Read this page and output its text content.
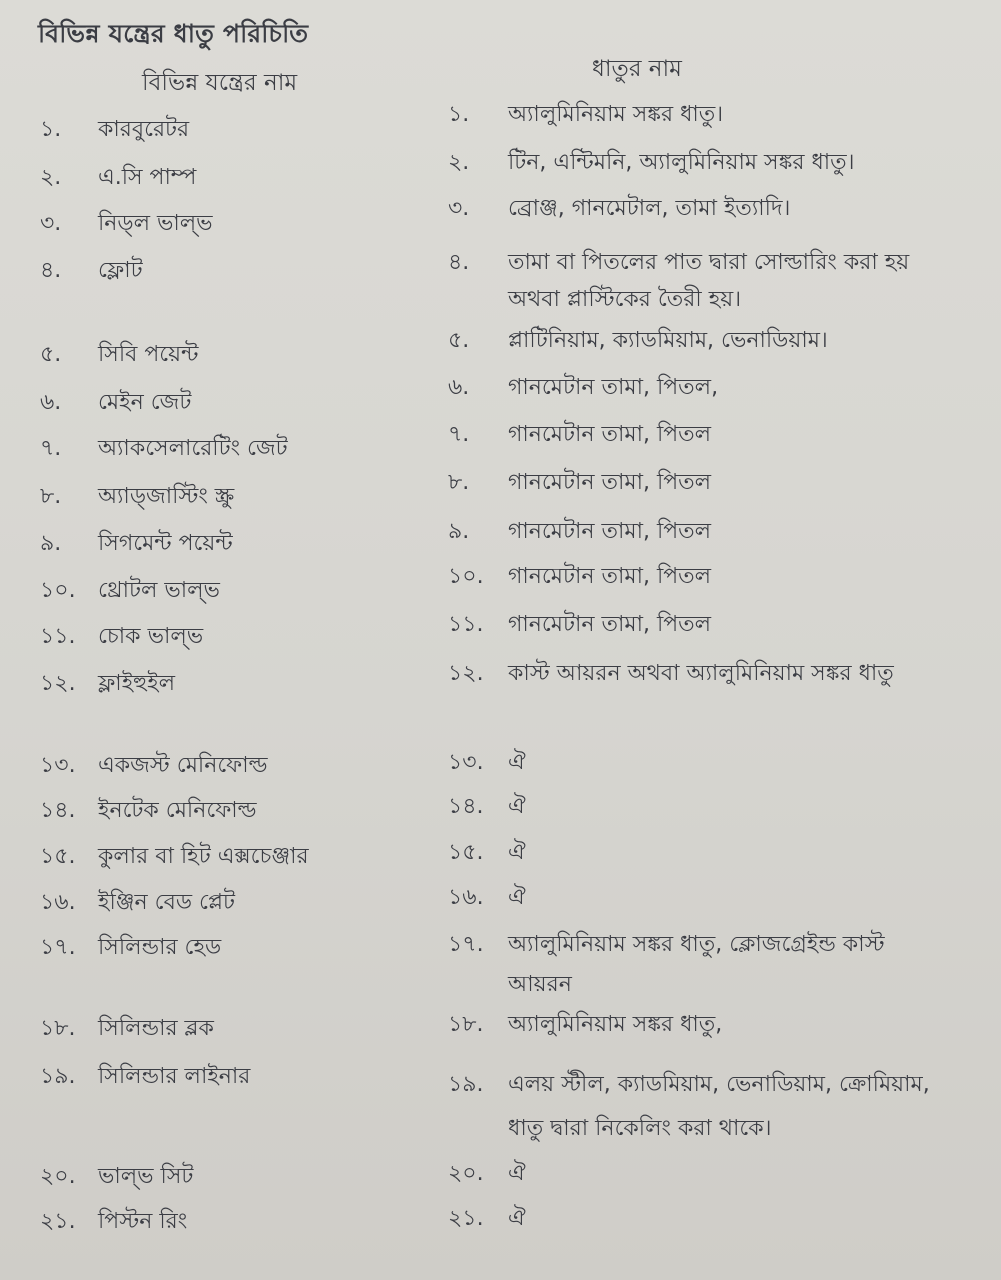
বিভিন্ন যন্ত্রের ধাতু পরিচিতি
বিভিন্ন যন্ত্রের নাম
ধাতুর নাম
১. কারবুরেটর
২. এ.সি পাম্প
৩. নিড্‌ল ভাল্‌ভ
৪. ফ্লোট
৫. সিবি পয়েন্ট
৬. মেইন জেট
৭. অ্যাকসেলারেটিং জেট
৮. অ্যাড্‌জাস্টিং স্ক্রু
৯. সিগমেন্ট পয়েন্ট
১০. থ্রোটল ভাল্‌ভ
১১. চোক ভাল্‌ভ
১২. ফ্লাইহুইল
১৩. একজস্ট মেনিফোল্ড
১৪. ইনটেক মেনিফোল্ড
১৫. কুলার বা হিট এক্সচেঞ্জার
১৬. ইঞ্জিন বেড প্লেট
১৭. সিলিন্ডার হেড
১৮. সিলিন্ডার ব্লক
১৯. সিলিন্ডার লাইনার
২০. ভাল্‌ভ সিট
২১. পিস্টন রিং
১. অ্যালুমিনিয়াম সঙ্কর ধাতু।
২. টিন, এন্টিমনি, অ্যালুমিনিয়াম সঙ্কর ধাতু।
৩. ব্রোঞ্জ, গানমেটাল, তামা ইত্যাদি।
৪. তামা বা পিতলের পাত দ্বারা সোল্ডারিং করা হয় অথবা প্লাস্টিকের তৈরী হয়।
৫. প্লাটিনিয়াম, ক্যাডমিয়াম, ভেনাডিয়াম।
৬. গানমেটান তামা, পিতল,
৭. গানমেটান তামা, পিতল
৮. গানমেটান তামা, পিতল
৯. গানমেটান তামা, পিতল
১০. গানমেটান তামা, পিতল
১১. গানমেটান তামা, পিতল
১২. কাস্ট আয়রন অথবা অ্যালুমিনিয়াম সঙ্কর ধাতু
১৩. ঐ
১৪. ঐ
১৫. ঐ
১৬. ঐ
১৭. অ্যালুমিনিয়াম সঙ্কর ধাতু, ক্লোজগ্রেইন্ড কাস্ট আয়রন
১৮. অ্যালুমিনিয়াম সঙ্কর ধাতু,
১৯. এলয় স্টীল, ক্যাডমিয়াম, ভেনাডিয়াম, ক্রোমিয়াম, ধাতু দ্বারা নিকেলিং করা থাকে।
২০. ঐ
২১. ঐ
